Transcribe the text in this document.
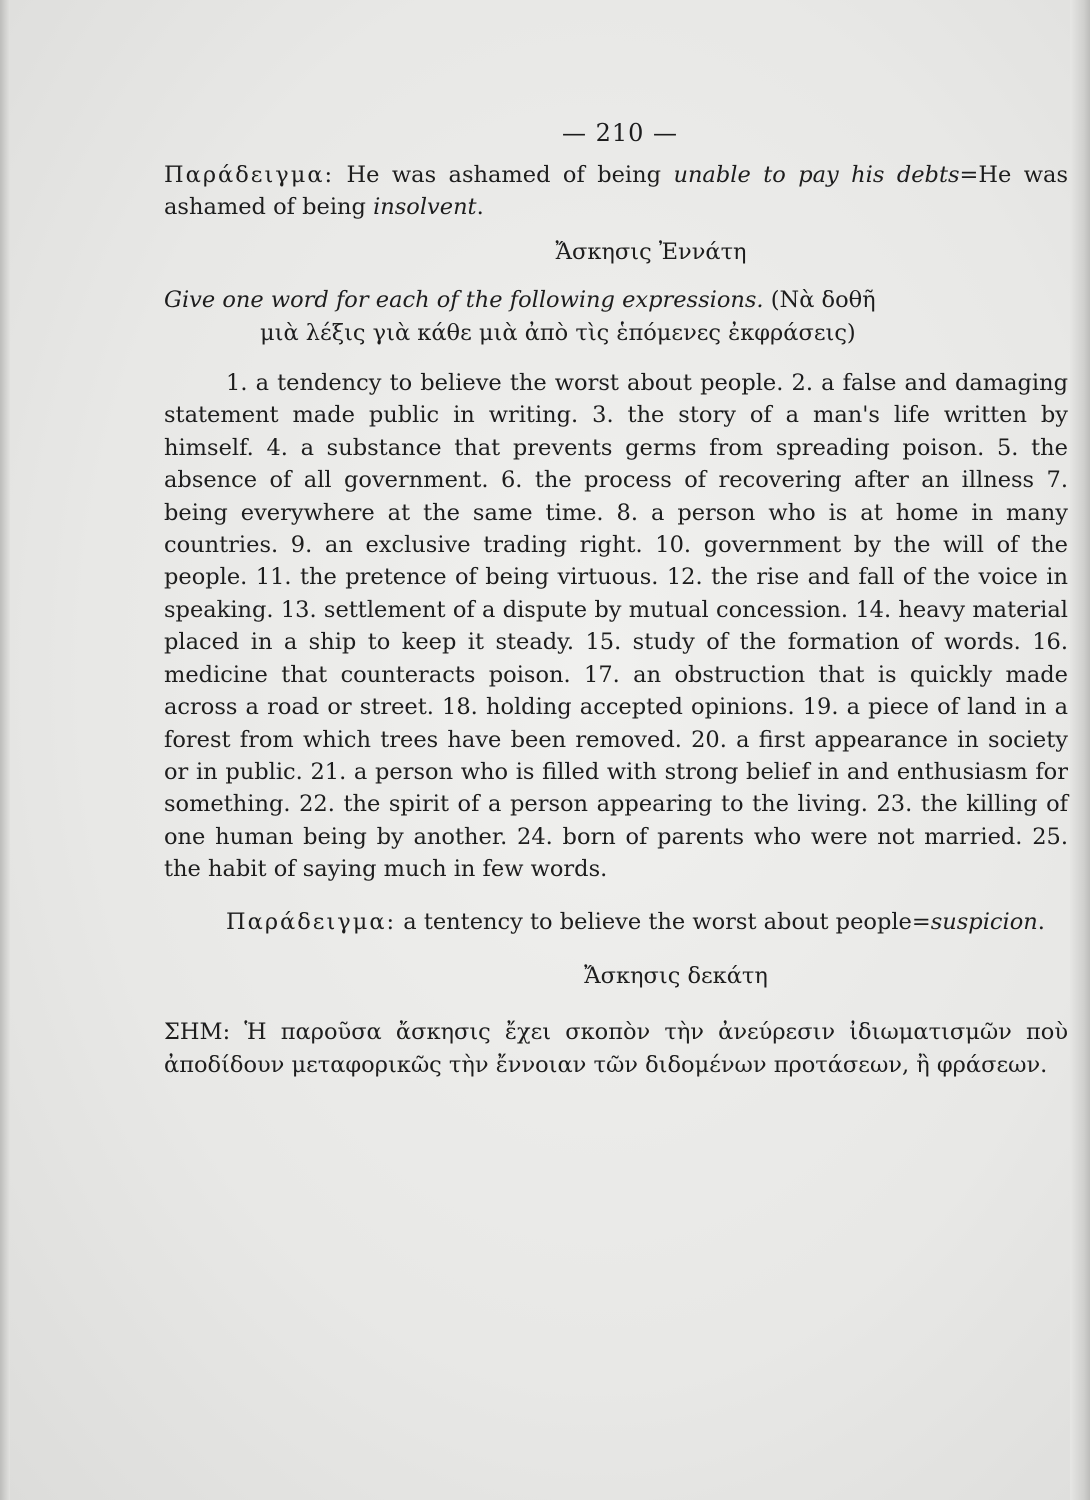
— 210 —

Παράδειγμα: He was ashamed of being unable to pay his debts=He was ashamed of being insolvent.

Ἄσκησις Ἐννάτη
Give one word for each of the following expressions. (Νὰ δοθῆ
μιὰ λέξις γιὰ κάθε μιὰ ἀπὸ τὶς ἑπόμενες ἐκφράσεις)

1. a tendency to believe the worst about people. 2. a false and damaging statement made public in writing. 3. the story of a man's life written by himself. 4. a substance that prevents germs from spreading poison. 5. the absence of all government. 6. the process of recovering after an illness 7. being everywhere at the same time. 8. a person who is at home in many countries. 9. an exclusive trading right. 10. government by the will of the people. 11. the pretence of being virtuous. 12. the rise and fall of the voice in speaking. 13. settlement of a dispute by mutual concession. 14. heavy material placed in a ship to keep it steady. 15. study of the formation of words. 16. medicine that counteracts poison. 17. an obstruction that is quickly made across a road or street. 18. holding accepted opinions. 19. a piece of land in a forest from which trees have been removed. 20. a first appearance in society or in public. 21. a person who is filled with strong belief in and enthusiasm for something. 22. the spirit of a person appearing to the living. 23. the killing of one human being by another. 24. born of parents who were not married. 25. the habit of saying much in few words.

Παράδειγμα: a tentency to believe the worst about people=suspicion.

Ἄσκησις δεκάτη

ΣΗΜ: Ἡ παροῦσα ἄσκησις ἔχει σκοπὸν τὴν ἀνεύρεσιν ἰδιωματισμῶν ποὺ ἀποδίδουν μεταφορικῶς τὴν ἔννοιαν τῶν διδομένων προτάσεων, ἢ φράσεων.
